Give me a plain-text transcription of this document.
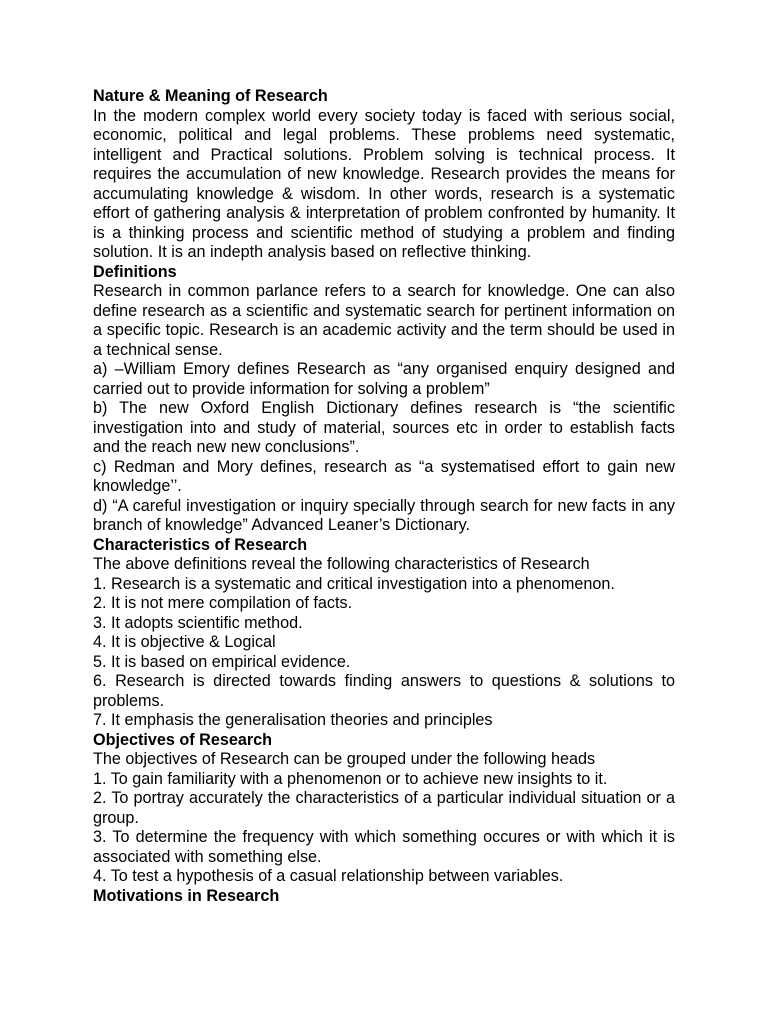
Nature & Meaning of Research

In the modern complex world every society today is faced with serious social, economic, political and legal problems. These problems need systematic, intelligent and Practical solutions. Problem solving is technical process. It requires the accumulation of new knowledge. Research provides the means for accumulating knowledge & wisdom. In other words, research is a systematic effort of gathering analysis & interpretation of problem confronted by humanity. It is a thinking process and scientific method of studying a problem and finding solution. It is an indepth analysis based on reflective thinking.

Definitions

Research in common parlance refers to a search for knowledge. One can also define research as a scientific and systematic search for pertinent information on a specific topic. Research is an academic activity and the term should be used in a technical sense.

a) –William Emory defines Research as “any organised enquiry designed and carried out to provide information for solving a problem”

b) The new Oxford English Dictionary defines research is “the scientific investigation into and study of material, sources etc in order to establish facts and the reach new new conclusions”.

c) Redman and Mory defines, research as “a systematised effort to gain new knowledge’’.

d) “A careful investigation or inquiry specially through search for new facts in any branch of knowledge” Advanced Leaner’s Dictionary.

Characteristics of Research

The above definitions reveal the following characteristics of Research

1. Research is a systematic and critical investigation into a phenomenon.

2. It is not mere compilation of facts.

3. It adopts scientific method.

4. It is objective & Logical

5. It is based on empirical evidence.

6. Research is directed towards finding answers to questions & solutions to problems.

7. It emphasis the generalisation theories and principles

Objectives of Research

The objectives of Research can be grouped under the following heads

1. To gain familiarity with a phenomenon or to achieve new insights to it.

2. To portray accurately the characteristics of a particular individual situation or a group.

3. To determine the frequency with which something occures or with which it is associated with something else.

4. To test a hypothesis of a casual relationship between variables.

Motivations in Research
